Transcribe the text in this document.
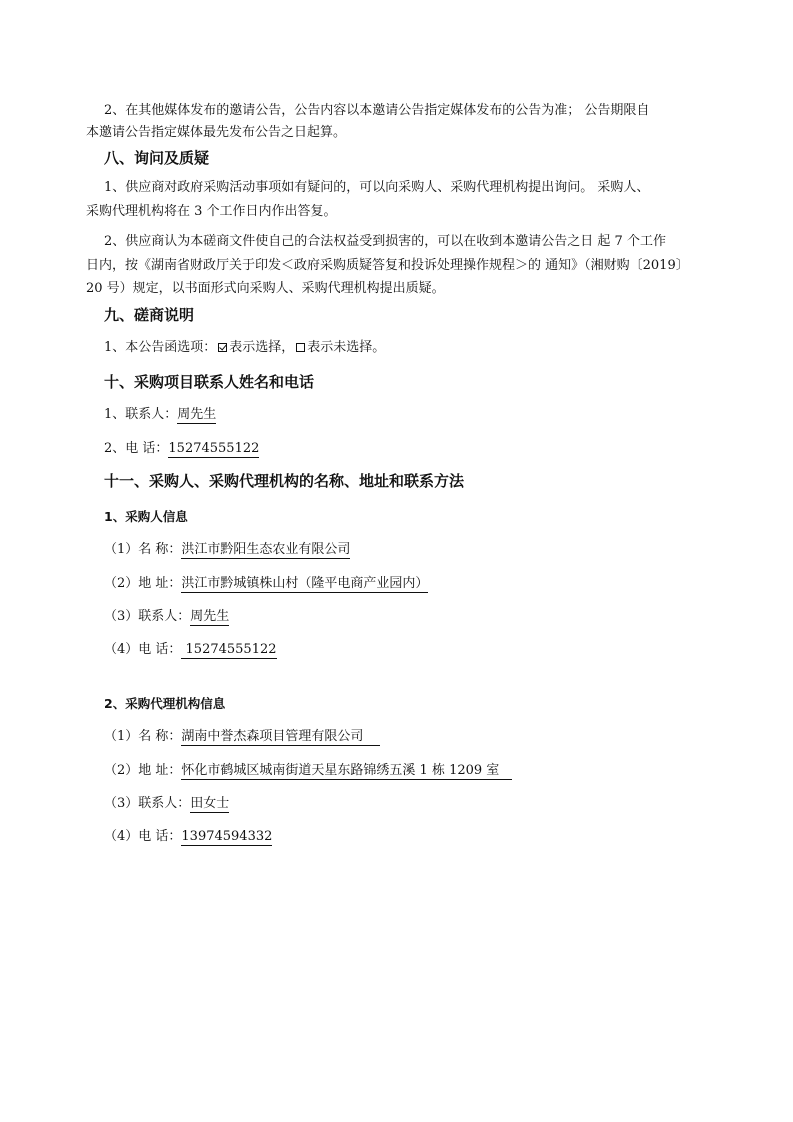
2、在其他媒体发布的邀请公告，公告内容以本邀请公告指定媒体发布的公告为准； 公告期限自
本邀请公告指定媒体最先发布公告之日起算。
八、询问及质疑
1、供应商对政府采购活动事项如有疑问的，可以向采购人、采购代理机构提出询问。 采购人、
采购代理机构将在 3 个工作日内作出答复。
2、供应商认为本磋商文件使自己的合法权益受到损害的，可以在收到本邀请公告之日 起 7 个工作
日内，按《湖南省财政厅关于印发＜政府采购质疑答复和投诉处理操作规程＞的 通知》（湘财购〔2019〕
20 号）规定，以书面形式向采购人、采购代理机构提出质疑。
九、磋商说明
1、本公告函选项： 表示选择， 表示未选择。
十、采购项目联系人姓名和电话
1、联系人：周先生
2、电 话：15274555122
十一、采购人、采购代理机构的名称、地址和联系方法
1、采购人信息
（1）名 称：洪江市黔阳生态农业有限公司
（2）地 址：洪江市黔城镇株山村（隆平电商产业园内）
（3）联系人：周先生
（4）电 话： 15274555122
2、采购代理机构信息
（1）名 称：湖南中誉杰森项目管理有限公司
（2）地 址：怀化市鹤城区城南街道天星东路锦绣五溪 1 栋 1209 室
（3）联系人：田女士
（4）电 话：13974594332
